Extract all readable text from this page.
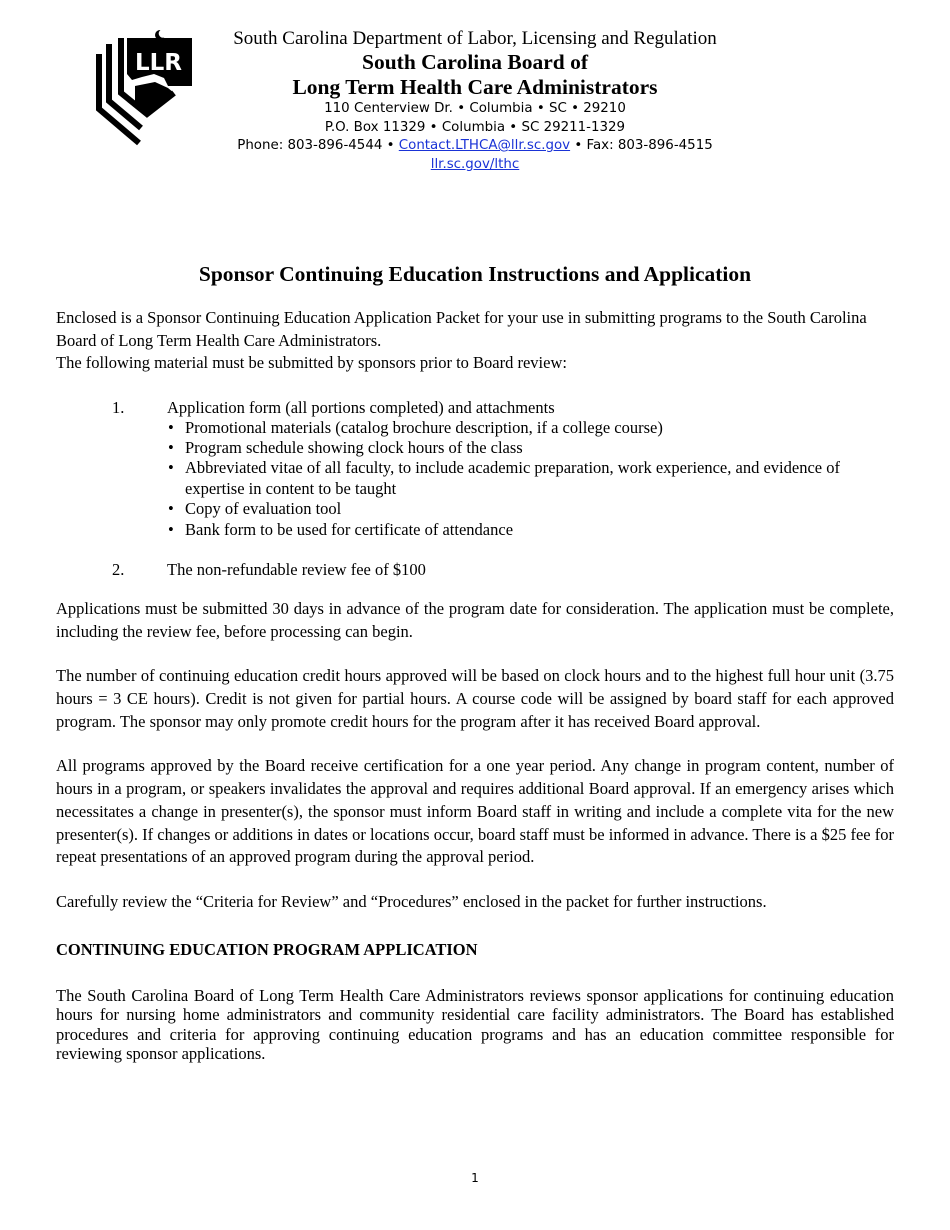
LLR
South Carolina Department of Labor, Licensing and Regulation
South Carolina Board of
Long Term Health Care Administrators
110 Centerview Dr. • Columbia • SC • 29210
P.O. Box 11329 • Columbia • SC 29211-1329
Phone: 803-896-4544 • Contact.LTHCA@llr.sc.gov • Fax: 803-896-4515
llr.sc.gov/lthc
Sponsor Continuing Education Instructions and Application

Enclosed is a Sponsor Continuing Education Application Packet for your use in submitting programs to the South Carolina Board of Long Term Health Care Administrators.

The following material must be submitted by sponsors prior to Board review:

1.	Application form (all portions completed) and attachments
• Promotional materials (catalog brochure description, if a college course)
• Program schedule showing clock hours of the class
• Abbreviated vitae of all faculty, to include academic preparation, work experience, and evidence of expertise in content to be taught
• Copy of evaluation tool
• Bank form to be used for certificate of attendance
2.	The non-refundable review fee of $100

Applications must be submitted 30 days in advance of the program date for consideration. The application must be complete, including the review fee, before processing can begin.

The number of continuing education credit hours approved will be based on clock hours and to the highest full hour unit (3.75 hours = 3 CE hours). Credit is not given for partial hours. A course code will be assigned by board staff for each approved program. The sponsor may only promote credit hours for the program after it has received Board approval.

All programs approved by the Board receive certification for a one year period. Any change in program content, number of hours in a program, or speakers invalidates the approval and requires additional Board approval. If an emergency arises which necessitates a change in presenter(s), the sponsor must inform Board staff in writing and include a complete vita for the new presenter(s). If changes or additions in dates or locations occur, board staff must be informed in advance. There is a $25 fee for repeat presentations of an approved program during the approval period.

Carefully review the “Criteria for Review” and “Procedures” enclosed in the packet for further instructions.

CONTINUING EDUCATION PROGRAM APPLICATION

The South Carolina Board of Long Term Health Care Administrators reviews sponsor applications for continuing education hours for nursing home administrators and community residential care facility administrators. The Board has established procedures and criteria for approving continuing education programs and has an education committee responsible for reviewing sponsor applications.

1
